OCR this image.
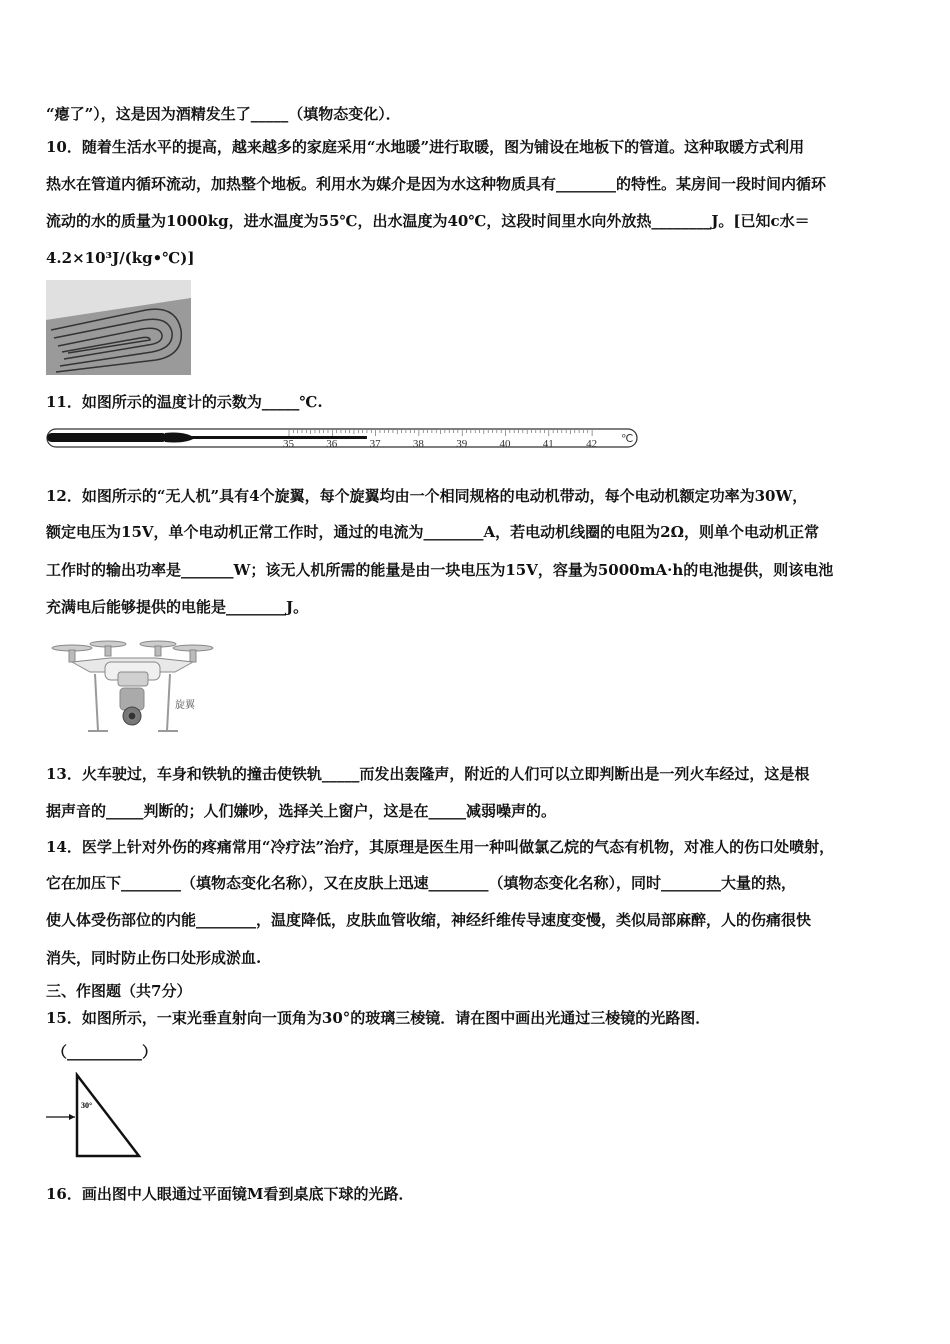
“瘪了”），这是因为酒精发生了_____（填物态变化）．
10．随着生活水平的提高，越来越多的家庭采用“水地暖”进行取暖，图为铺设在地板下的管道。这种取暖方式利用
热水在管道内循环流动，加热整个地板。利用水为媒介是因为水这种物质具有________的特性。某房间一段时间内循环
流动的水的质量为1000kg，进水温度为55℃，出水温度为40℃，这段时间里水向外放热________J。[已知c水＝
4.2×10³J/(kg•℃)]
11．如图所示的温度计的示数为_____℃.
35	36	37	38	39	40	41	42 ℃
12．如图所示的“无人机”具有4个旋翼，每个旋翼均由一个相同规格的电动机带动，每个电动机额定功率为30W，
额定电压为15V，单个电动机正常工作时，通过的电流为________A，若电动机线圈的电阻为2Ω，则单个电动机正常
工作时的输出功率是_______W；该无人机所需的能量是由一块电压为15V，容量为5000mA·h的电池提供，则该电池
充满电后能够提供的电能是________J。
旋翼
13．火车驶过，车身和铁轨的撞击使铁轨_____而发出轰隆声，附近的人们可以立即判断出是一列火车经过，这是根
据声音的_____判断的；人们嫌吵，选择关上窗户，这是在_____减弱噪声的。
14．医学上针对外伤的疼痛常用“冷疗法”治疗，其原理是医生用一种叫做氯乙烷的气态有机物，对准人的伤口处喷射，
它在加压下________（填物态变化名称），又在皮肤上迅速________（填物态变化名称），同时________大量的热，
使人体受伤部位的内能________，温度降低，皮肤血管收缩，神经纤维传导速度变慢，类似局部麻醉，人的伤痛很快
消失，同时防止伤口处形成淤血.
三、作图题（共7分）
15．如图所示，一束光垂直射向一顶角为30°的玻璃三棱镜．请在图中画出光通过三棱镜的光路图．
（__________）
30°
16．画出图中人眼通过平面镜M看到桌底下球的光路．
